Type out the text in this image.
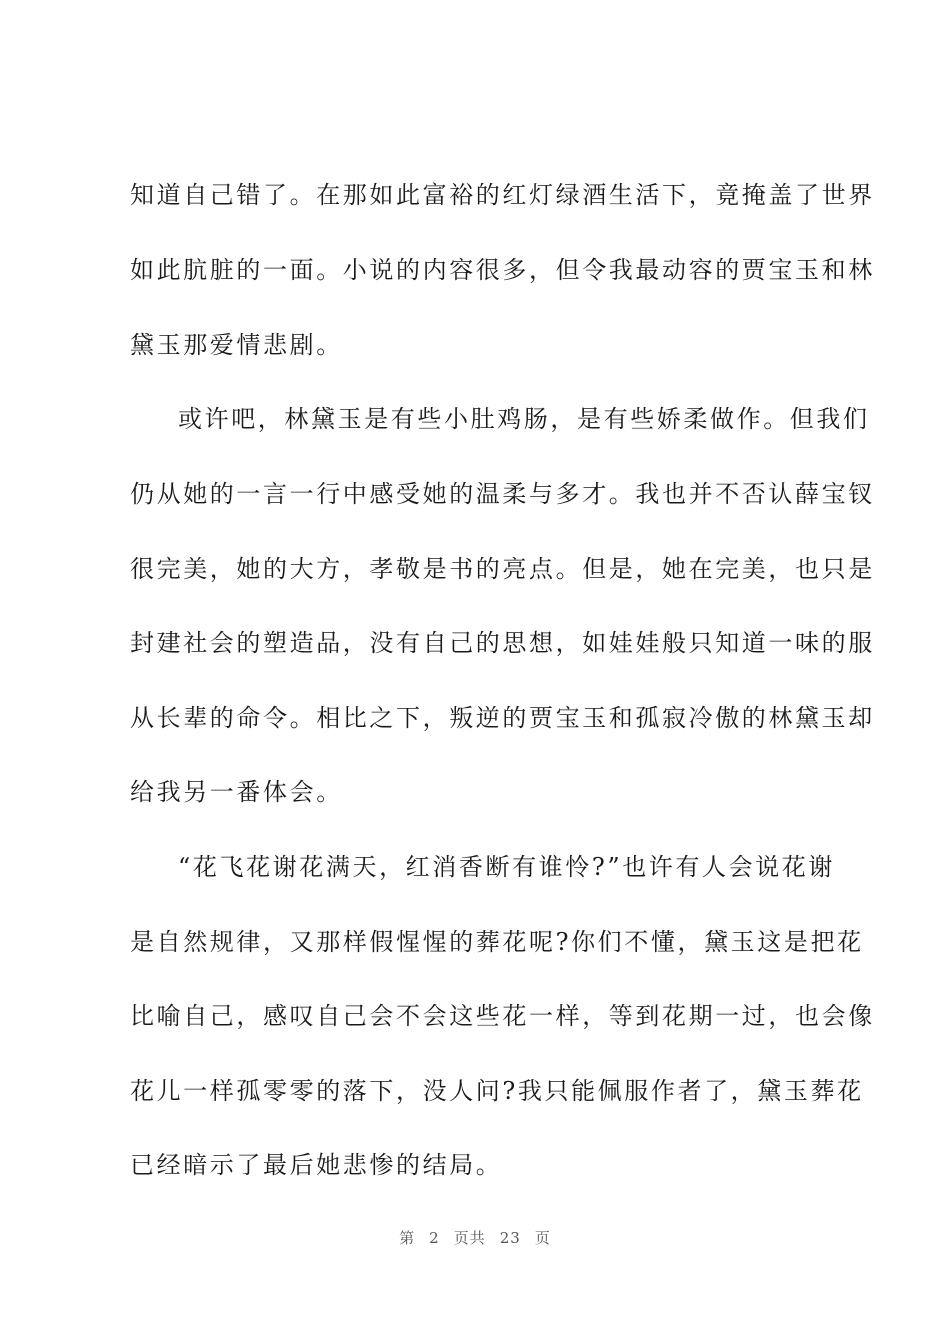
知道自己错了。在那如此富裕的红灯绿酒生活下，竟掩盖了世界
如此肮脏的一面。小说的内容很多，但令我最动容的贾宝玉和林
黛玉那爱情悲剧。
或许吧，林黛玉是有些小肚鸡肠，是有些娇柔做作。但我们
仍从她的一言一行中感受她的温柔与多才。我也并不否认薛宝钗
很完美，她的大方，孝敬是书的亮点。但是，她在完美，也只是
封建社会的塑造品，没有自己的思想，如娃娃般只知道一味的服
从长辈的命令。相比之下，叛逆的贾宝玉和孤寂冷傲的林黛玉却
给我另一番体会。
“花飞花谢花满天，红消香断有谁怜?”也许有人会说花谢
是自然规律，又那样假惺惺的葬花呢?你们不懂，黛玉这是把花
比喻自己，感叹自己会不会这些花一样，等到花期一过，也会像
花儿一样孤零零的落下，没人问?我只能佩服作者了，黛玉葬花
已经暗示了最后她悲惨的结局。
第 2 页共 23 页
